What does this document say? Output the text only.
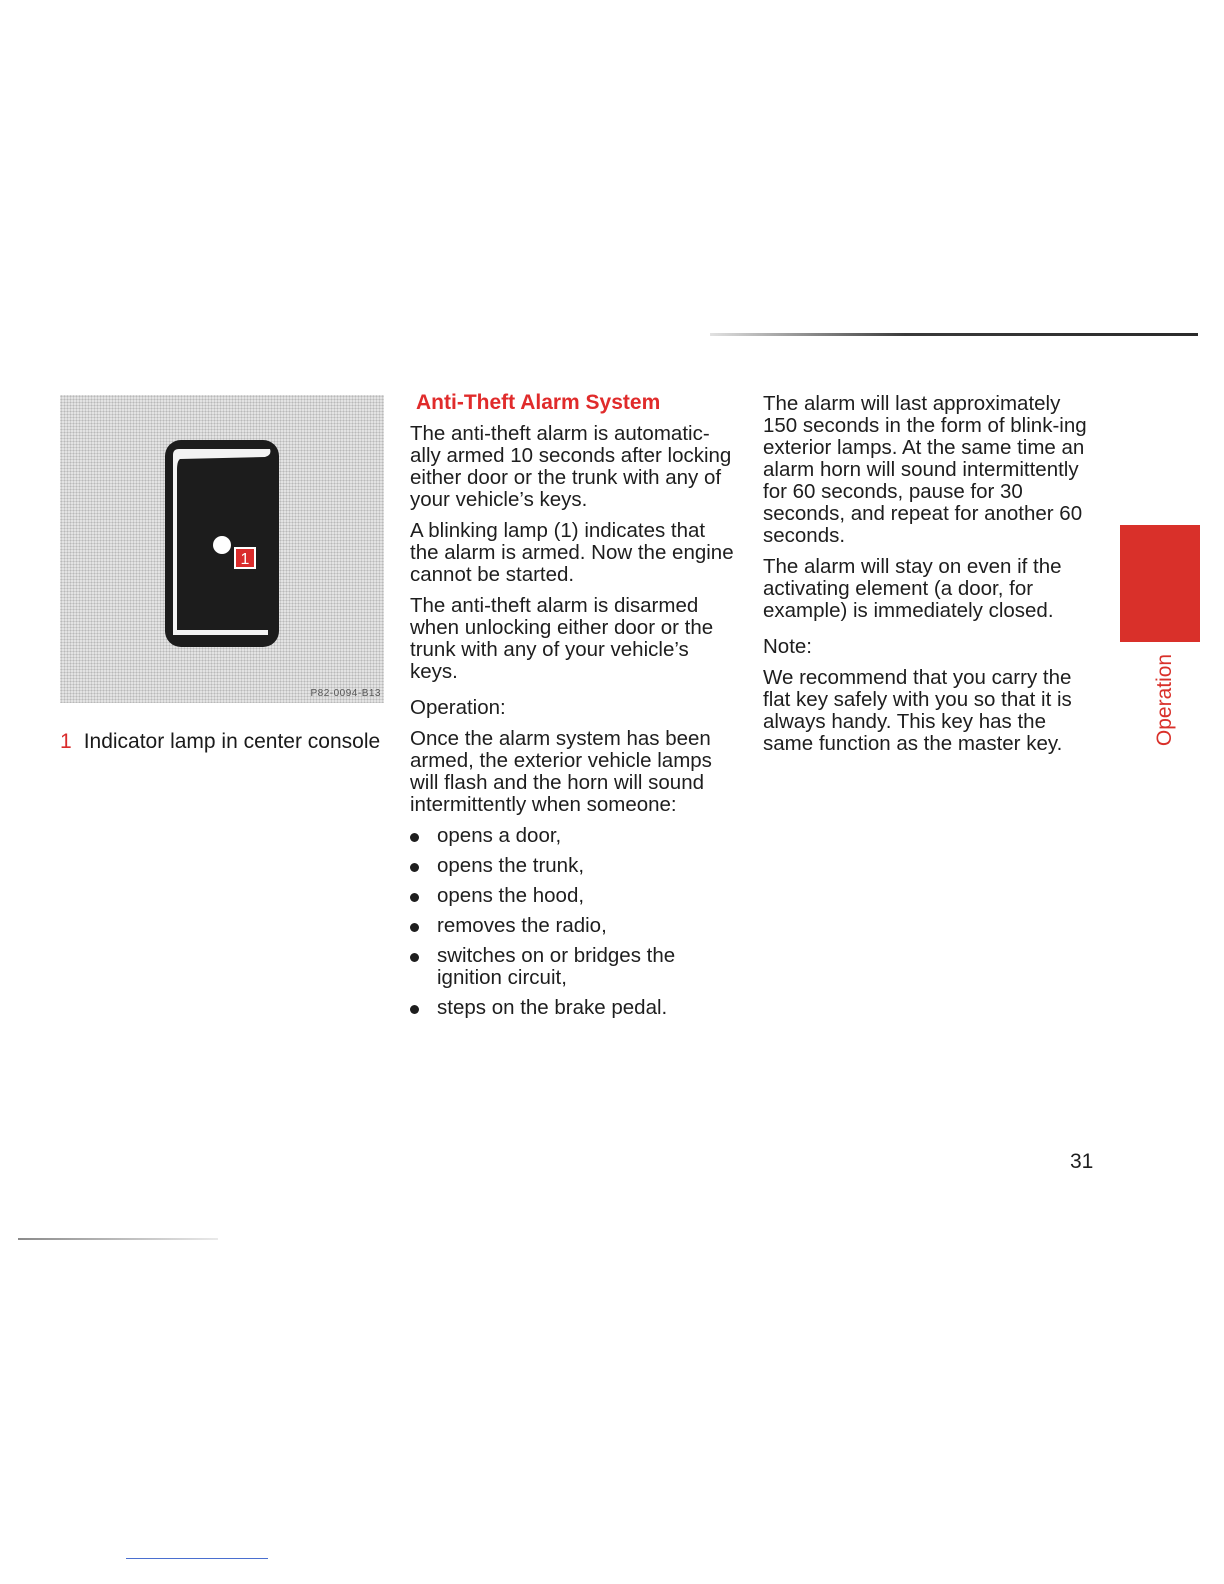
1
P82-0094-B13
1 Indicator lamp in center console
Anti-Theft Alarm System

The anti-theft alarm is automatic-ally armed 10 seconds after locking either door or the trunk with any of your vehicle’s keys.

A blinking lamp (1) indicates that the alarm is armed. Now the engine cannot be started.

The anti-theft alarm is disarmed when unlocking either door or the trunk with any of your vehicle’s keys.

Operation:

Once the alarm system has been armed, the exterior vehicle lamps will flash and the horn will sound intermittently when someone:

opens a door,
opens the trunk,
opens the hood,
removes the radio,
switches on or bridges the ignition circuit,
steps on the brake pedal.

The alarm will last approximately 150 seconds in the form of blink-ing exterior lamps. At the same time an alarm horn will sound intermittently for 60 seconds, pause for 30 seconds, and repeat for another 60 seconds.

The alarm will stay on even if the activating element (a door, for example) is immediately closed.

Note:

We recommend that you carry the flat key safely with you so that it is always handy. This key has the same function as the master key.	Operation
31
